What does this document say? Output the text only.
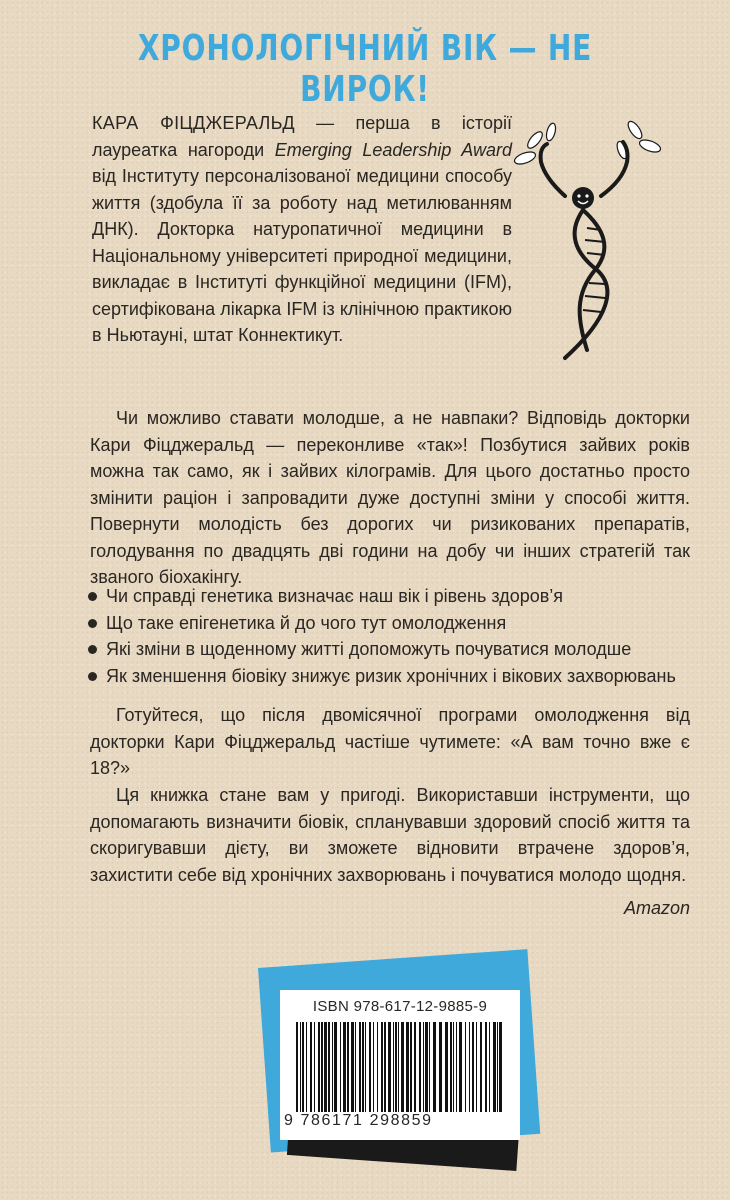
ХРОНОЛОГІЧНИЙ ВІК — НЕ ВИРОК!
КАРА ФІЦДЖЕРАЛЬД — перша в історії лауреатка нагороди Emerging Leadership Award від Інституту персоналізованої медицини способу життя (здобула її за роботу над метилюванням ДНК). Докторка натуропатичної медицини в Національному університеті природної медицини, викладає в Інституті функційної медицини (IFM), сертифікована лікарка IFM із клінічною практикою в Ньютауні, штат Коннектикут.
Чи можливо ставати молодше, а не навпаки? Відповідь докторки Кари Фіцджеральд — переконливе «так»! Позбутися зайвих років можна так само, як і зайвих кілограмів. Для цього достатньо просто змінити раціон і запровадити дуже доступні зміни у способі життя. Повернути молодість без дорогих чи ризикованих препаратів, голодування по двадцять дві години на добу чи інших стратегій так званого біохакінгу.
Чи справді генетика визначає наш вік і рівень здоров’я
Що таке епігенетика й до чого тут омолодження
Які зміни в щоденному житті допоможуть почуватися молодше
Як зменшення біовіку знижує ризик хронічних і вікових захворювань
Готуйтеся, що після двомісячної програми омолодження від докторки Кари Фіцджеральд частіше чутимете: «А вам точно вже є 18?»
Ця книжка стане вам у пригоді. Використавши інструменти, що допомагають визначити біовік, спланувавши здоровий спосіб життя та скоригувавши дієту, ви зможете відновити втрачене здоров’я, захистити себе від хронічних захворювань і почуватися молодо щодня.
Amazon
ISBN 978-617-12-9885-9
9 786171 298859
